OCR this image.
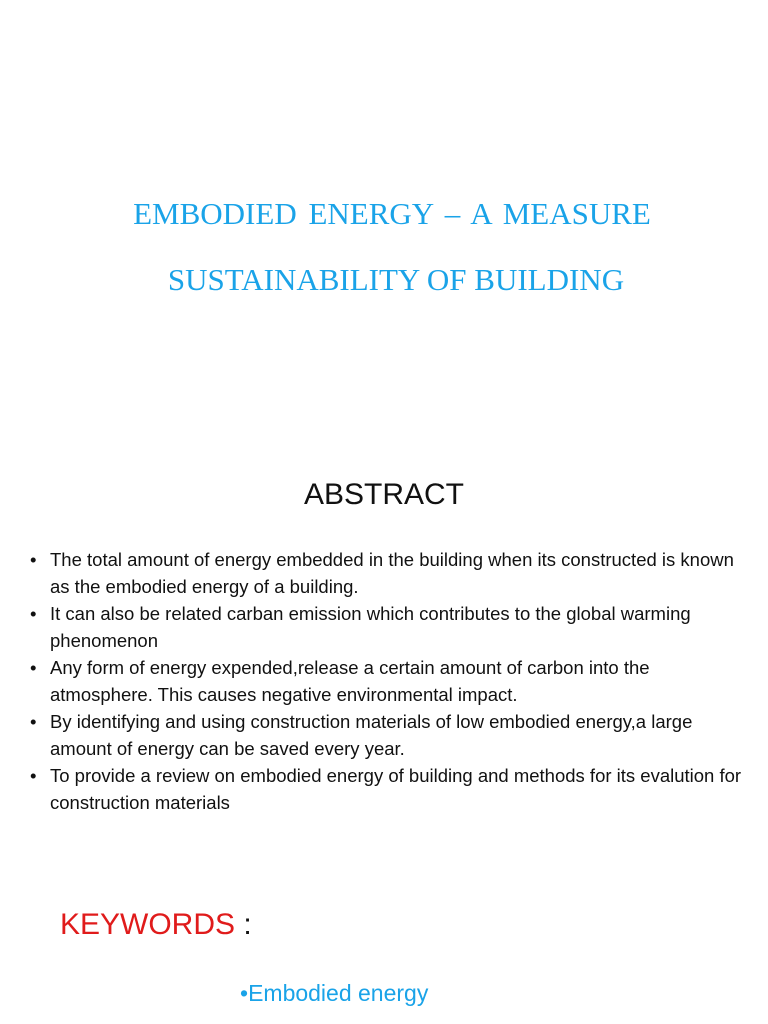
EMBODIED ENERGY – A MEASURE
SUSTAINABILITY OF BUILDING
ABSTRACT
• The total amount of energy embedded in the building when its constructed is known as the embodied energy of a building.
• It can also be related carban emission which contributes to the global warming phenomenon
• Any form of energy expended,release a certain amount of carbon into the atmosphere. This causes negative environmental impact.
• By identifying and using construction materials of low embodied energy,a large amount of energy can be saved every year.
• To provide a review on embodied energy of building and methods for its evalution for construction materials
KEYWORDS :
•Embodied energy
